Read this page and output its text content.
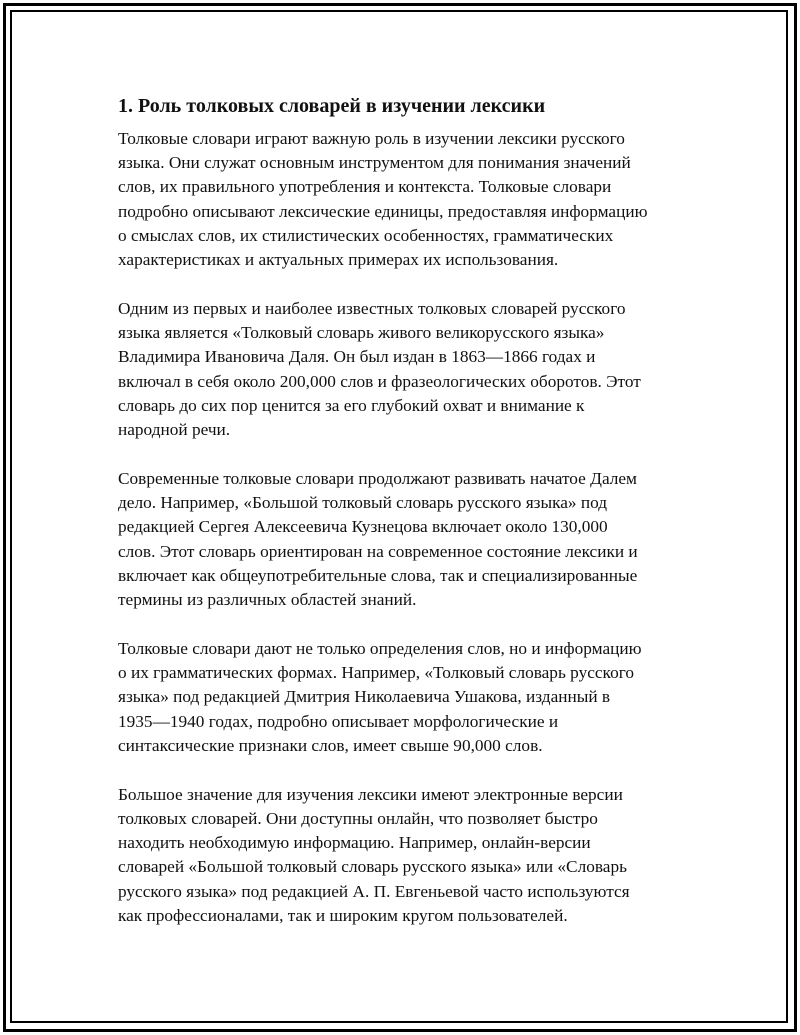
1. Роль толковых словарей в изучении лексики

Толковые словари играют важную роль в изучении лексики русского
языка. Они служат основным инструментом для понимания значений
слов, их правильного употребления и контекста. Толковые словари
подробно описывают лексические единицы, предоставляя информацию
о смыслах слов, их стилистических особенностях, грамматических
характеристиках и актуальных примерах их использования.

Одним из первых и наиболее известных толковых словарей русского
языка является «Толковый словарь живого великорусского языка»
Владимира Ивановича Даля. Он был издан в 1863—1866 годах и
включал в себя около 200,000 слов и фразеологических оборотов. Этот
словарь до сих пор ценится за его глубокий охват и внимание к
народной речи.

Современные толковые словари продолжают развивать начатое Далем
дело. Например, «Большой толковый словарь русского языка» под
редакцией Сергея Алексеевича Кузнецова включает около 130,000
слов. Этот словарь ориентирован на современное состояние лексики и
включает как общеупотребительные слова, так и специализированные
термины из различных областей знаний.

Толковые словари дают не только определения слов, но и информацию
о их грамматических формах. Например, «Толковый словарь русского
языка» под редакцией Дмитрия Николаевича Ушакова, изданный в
1935—1940 годах, подробно описывает морфологические и
синтаксические признаки слов, имеет свыше 90,000 слов.

Большое значение для изучения лексики имеют электронные версии
толковых словарей. Они доступны онлайн, что позволяет быстро
находить необходимую информацию. Например, онлайн-версии
словарей «Большой толковый словарь русского языка» или «Словарь
русского языка» под редакцией А. П. Евгеньевой часто используются
как профессионалами, так и широким кругом пользователей.
